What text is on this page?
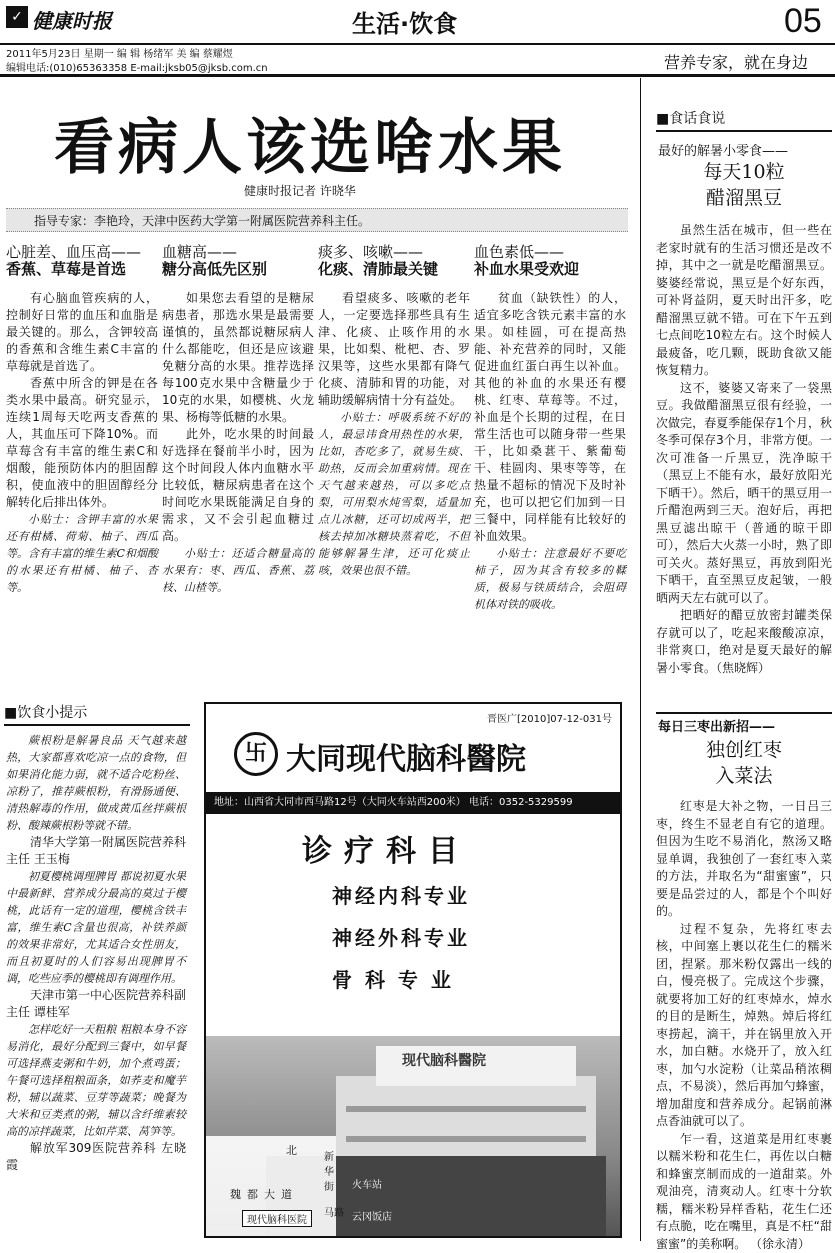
✓ 健康时报	生活·饮食	05
2011年5月23日 星期一 编 辑 杨绪军 美 编 蔡耀煜
编辑电话:(010)65363358 E-mail:jksb05@jksb.com.cn	营养专家，就在身边
看病人该选啥水果
健康时报记者 许晓华
指导专家：李艳玲，天津中医药大学第一附属医院营养科主任。
心脏差、血压高——
香蕉、草莓是首选

有心脑血管疾病的人，控制好日常的血压和血脂是最关键的。那么，含钾较高的香蕉和含维生素C丰富的草莓就是首选了。

香蕉中所含的钾是在各类水果中最高。研究显示，连续1周每天吃两支香蕉的人，其血压可下降10%。而草莓含有丰富的维生素C和烟酸，能预防体内的胆固醇积，使血液中的胆固醇经分解转化后排出体外。

小贴士：含钾丰富的水果还有柑橘、荷菊、柚子、西瓜等。含有丰富的维生素C和烟酸的水果还有柑橘、柚子、杏等。

血糖高——
糖分高低先区别

如果您去看望的是糖尿病患者，那选水果是最需要谨慎的，虽然都说糖尿病人什么都能吃，但还是应该避免糖分高的水果。推荐选择每100克水果中含糖量少于10克的水果，如樱桃、火龙果、杨梅等低糖的水果。

此外，吃水果的时间最好选择在餐前半小时，因为这个时间段人体内血糖水平比较低，糖尿病患者在这个时间吃水果既能满足自身的需求，又不会引起血糖过高。

小贴士：还适合糖量高的水果有：枣、西瓜、香蕉、荔枝、山楂等。

痰多、咳嗽——
化痰、清肺最关键

看望痰多、咳嗽的老年人，一定要选择那些具有生津、化痰、止咳作用的水果，比如梨、枇杷、杏、罗汉果等，这些水果都有降气化痰、清肺和胃的功能，对辅助缓解病情十分有益处。

小贴士：呼吸系统不好的人，最忌讳食用热性的水果，比如，杏吃多了，就易生痰、助热，反而会加重病情。现在天气越来越热，可以多吃点梨，可用梨水炖雪梨，适量加点儿冰糖，还可切成两半，把核去掉加冰糖块蒸着吃，不但能够解暑生津，还可化痰止咳，效果也很不错。

血色素低——
补血水果受欢迎

贫血（缺铁性）的人，适宜多吃含铁元素丰富的水果。如桂圆，可在提高热能、补充营养的同时，又能促进血红蛋白再生以补血。其他的补血的水果还有樱桃、红枣、草莓等。不过，补血是个长期的过程，在日常生活也可以随身带一些果干，比如桑葚干、紫葡萄干、桂圆肉、果枣等等，在热量不超标的情况下及时补充，也可以把它们加到一日三餐中，同样能有比较好的补血效果。

小贴士：注意最好不要吃柿子，因为其含有较多的鞣质，极易与铁质结合，会阻碍机体对铁的吸收。

■饮食小提示

蕨根粉是解暑良品 天气越来越热，大家都喜欢吃凉一点的食物，但如果消化能力弱，就不适合吃粉丝、凉粉了，推荐蕨根粉，有滑肠通便、清热解毒的作用，做成黄瓜丝拌蕨根粉、酸辣蕨根粉等就不错。

清华大学第一附属医院营养科主任 王玉梅

初夏樱桃调理脾胃 都说初夏水果中最新鲜、营养成分最高的莫过于樱桃，此话有一定的道理，樱桃含铁丰富，维生素C含量也很高，补铁养颜的效果非常好，尤其适合女性朋友，而且初夏时的人们容易出现脾胃不调，吃些应季的樱桃即有调理作用。

天津市第一中心医院营养科副主任 谭桂军

怎样吃好一天粗粮 粗粮本身不容易消化，最好分配到三餐中，如早餐可选择燕麦粥和牛奶，加个煮鸡蛋；午餐可选择粗粮面条，如荞麦和魔芋粉，辅以蔬菜、豆芽等蔬菜；晚餐为大米和豆类煮的粥，辅以含纤维素较高的凉拌蔬菜，比如芹菜、莴笋等。

解放军309医院营养科 左晓霞

晋医广[2010]07-12-031号
卐 大同现代脑科醫院
地址：山西省大同市西马路12号（大同火车站西200米） 电话：0352-5329599 5329888
诊疗科目
神经内科专业
神经外科专业
骨 科 专 业
现代脑科醫院
北
新华街
魏都大道
火车站
云冈饭店
现代脑科医院
马路
■食话食说
最好的解暑小零食——
每天10粒
醋溜黑豆

虽然生活在城市，但一些在老家时就有的生活习惯还是改不掉，其中之一就是吃醋溜黑豆。婆婆经常说，黑豆是个好东西，可补肾益阴，夏天时出汗多，吃醋溜黑豆就不错。可在下午五到七点间吃10粒左右。这个时候人最疲备，吃几颗，既助食欲又能恢复精力。

这不，婆婆又寄来了一袋黑豆。我做醋溜黑豆很有经验，一次做完，春夏季能保存1个月，秋冬季可保存3个月，非常方便。一次可准备一斤黑豆，洗净晾干（黑豆上不能有水，最好放阳光下晒干）。然后，晒干的黑豆用一斤醋泡两到三天。泡好后，再把黑豆滤出晾干（普通的晾干即可），然后大火蒸一小时，熟了即可关火。蒸好黑豆，再放到阳光下晒干，直至黑豆皮起皱，一般晒两天左右就可以了。

把晒好的醋豆放密封罐类保存就可以了，吃起来酸酸凉凉，非常爽口，绝对是夏天最好的解暑小零食。（焦晓辉）

每日三枣出新招——
独创红枣
入菜法

红枣是大补之物，一日吕三枣，终生不显老自有它的道理。但因为生吃不易消化，熬汤又略显单调，我独创了一套红枣入菜的方法，并取名为“甜蜜蜜”，只要是品尝过的人，都是个个叫好的。

过程不复杂，先将红枣去核，中间塞上裹以花生仁的糯米团，捏紧。那米粉仅露出一线的白，慢亮极了。完成这个步骤，就要将加工好的红枣焯水，焯水的目的是断生，焯熟。焯后将红枣捞起，滴干，并在锅里放入开水，加白糖。水烧开了，放入红枣，加勺水淀粉（让菜品稍浓稠点，不易淡），然后再加勺蜂蜜，增加甜度和营养成分。起锅前淋点香油就可以了。

乍一看，这道菜是用红枣裹以糯米粉和花生仁，再佐以白糖和蜂蜜烹制而成的一道甜菜。外观油亮，清爽动人。红枣十分软糯，糯米粉异样香粘，花生仁还有点脆，吃在嘴里，真是不枉“甜蜜蜜”的美称啊。 （徐永清）
